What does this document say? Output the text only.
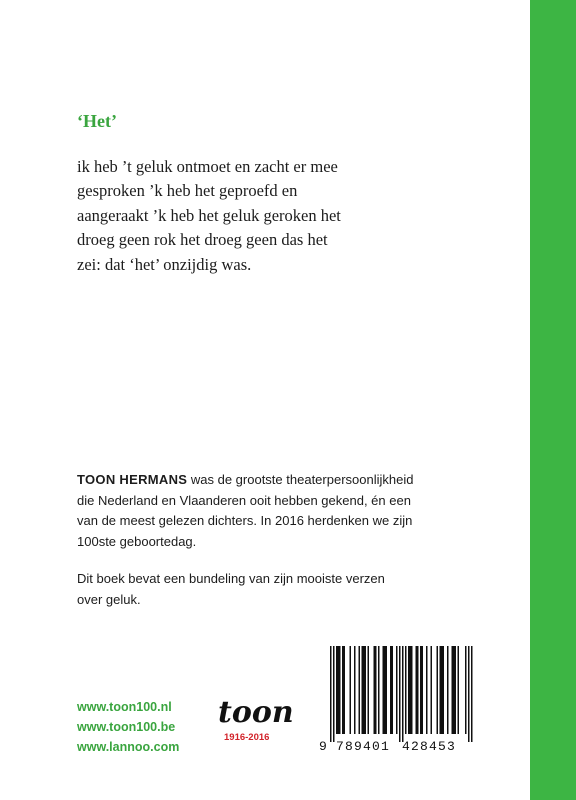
‘Het’
ik heb ’t geluk ontmoet en zacht er mee
gesproken ’k heb het geproefd en
aangeraakt ’k heb het geluk geroken het
droeg geen rok het droeg geen das het
zei: dat ‘het’ onzijdig was.
TOON HERMANS was de grootste theaterpersoonlijkheid
die Nederland en Vlaanderen ooit hebben gekend, én een
van de meest gelezen dichters. In 2016 herdenken we zijn
100ste geboortedag.
Dit boek bevat een bundeling van zijn mooiste verzen
over geluk.
www.toon100.nl
www.toon100.be
www.lannoo.com
toon
1916-2016
9 789401 428453
